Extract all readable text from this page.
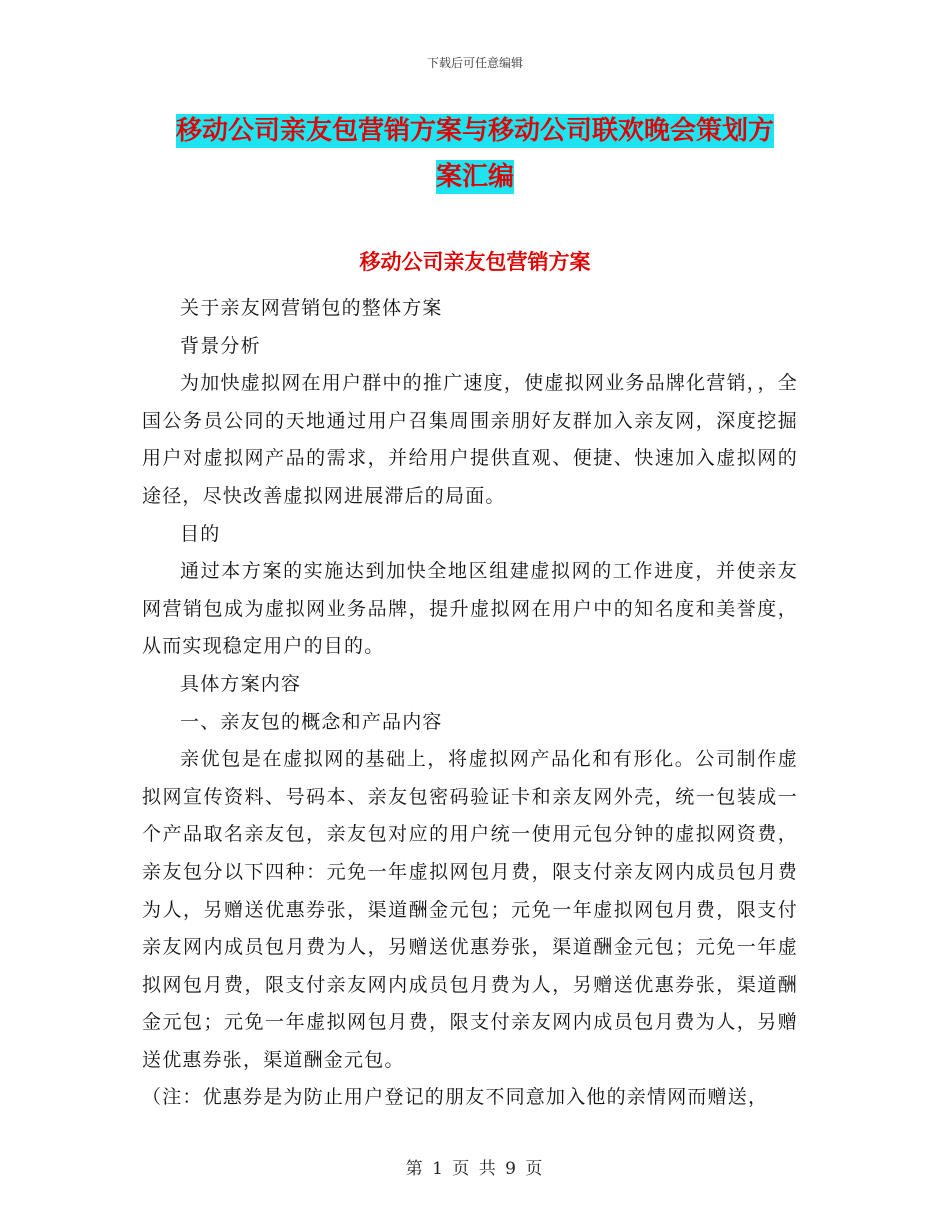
下载后可任意编辑
移动公司亲友包营销方案与移动公司联欢晚会策划方
案汇编
移动公司亲友包营销方案

关于亲友网营销包的整体方案

背景分析

为加快虚拟网在用户群中的推广速度，使虚拟网业务品牌化营销，，全国公务员公同的天地通过用户召集周围亲朋好友群加入亲友网，深度挖掘用户对虚拟网产品的需求，并给用户提供直观、便捷、快速加入虚拟网的途径，尽快改善虚拟网进展滞后的局面。

目的

通过本方案的实施达到加快全地区组建虚拟网的工作进度，并使亲友网营销包成为虚拟网业务品牌，提升虚拟网在用户中的知名度和美誉度，从而实现稳定用户的目的。

具体方案内容

一、亲友包的概念和产品内容

亲优包是在虚拟网的基础上，将虚拟网产品化和有形化。公司制作虚拟网宣传资料、号码本、亲友包密码验证卡和亲友网外壳，统一包装成一个产品取名亲友包，亲友包对应的用户统一使用元包分钟的虚拟网资费，亲友包分以下四种：元免一年虚拟网包月费，限支付亲友网内成员包月费为人，另赠送优惠券张，渠道酬金元包；元免一年虚拟网包月费，限支付亲友网内成员包月费为人，另赠送优惠券张，渠道酬金元包；元免一年虚拟网包月费，限支付亲友网内成员包月费为人，另赠送优惠券张，渠道酬金元包；元免一年虚拟网包月费，限支付亲友网内成员包月费为人，另赠送优惠券张，渠道酬金元包。

（注：优惠券是为防止用户登记的朋友不同意加入他的亲情网而赠送，

第 1 页 共 9 页
